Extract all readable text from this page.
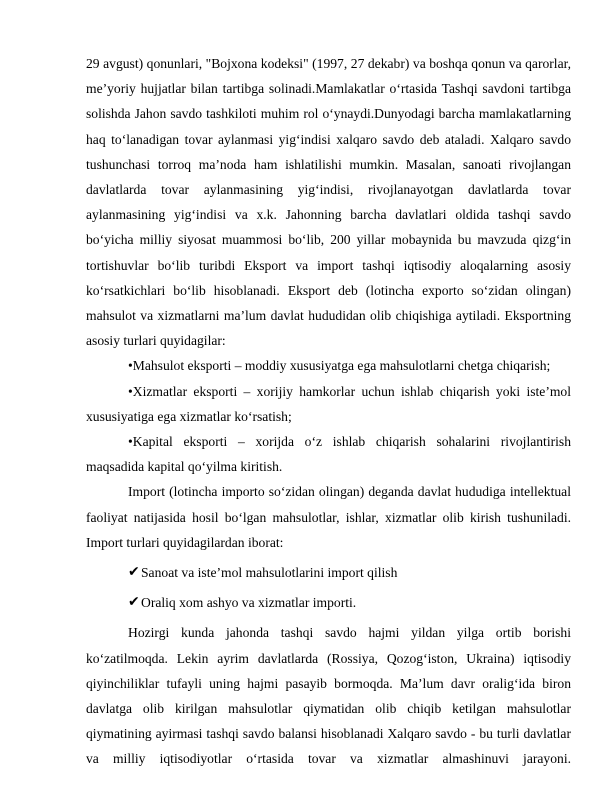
29 avgust) qonunlari, "Bojxona kodeksi" (1997, 27 dekabr) va boshqa qonun va qarorlar, me’yoriy hujjatlar bilan tartibga solinadi.Mamlakatlar o‘rtasida Tashqi savdoni tartibga solishda Jahon savdo tashkiloti muhim rol o‘ynaydi.Dunyodagi barcha mamlakatlarning haq to‘lanadigan tovar aylanmasi yig‘indisi xalqaro savdo deb ataladi. Xalqaro savdo tushunchasi torroq ma’noda ham ishlatilishi mumkin. Masalan, sanoati rivojlangan davlatlarda tovar aylanmasining yig‘indisi, rivojlanayotgan davlatlarda tovar aylanmasining yig‘indisi va x.k. Jahonning barcha davlatlari oldida tashqi savdo bo‘yicha milliy siyosat muammosi bo‘lib, 200 yillar mobaynida bu mavzuda qizg‘in tortishuvlar bo‘lib turibdi Eksport va import tashqi iqtisodiy aloqalarning asosiy ko‘rsatkichlari bo‘lib hisoblanadi. Eksport deb (lotincha exporto so‘zidan olingan) mahsulot va xizmatlarni ma’lum davlat hududidan olib chiqishiga aytiladi. Eksportning asosiy turlari quyidagilar:

•Mahsulot eksporti – moddiy xususiyatga ega mahsulotlarni chetga chiqarish;

•Xizmatlar eksporti – xorijiy hamkorlar uchun ishlab chiqarish yoki iste’mol xususiyatiga ega xizmatlar ko‘rsatish;

•Kapital eksporti – xorijda o‘z ishlab chiqarish sohalarini rivojlantirish maqsadida kapital qo‘yilma kiritish.

Import (lotincha importo so‘zidan olingan) deganda davlat hududiga intellektual faoliyat natijasida hosil bo‘lgan mahsulotlar, ishlar, xizmatlar olib kirish tushuniladi. Import turlari quyidagilardan iborat:

✔ Sanoat va iste’mol mahsulotlarini import qilish

✔ Oraliq xom ashyo va xizmatlar importi.

Hozirgi kunda jahonda tashqi savdo hajmi yildan yilga ortib borishi ko‘zatilmoqda. Lekin ayrim davlatlarda (Rossiya, Qozog‘iston, Ukraina) iqtisodiy qiyinchiliklar tufayli uning hajmi pasayib bormoqda. Ma’lum davr oralig‘ida biron davlatga olib kirilgan mahsulotlar qiymatidan olib chiqib ketilgan mahsulotlar qiymatining ayirmasi tashqi savdo balansi hisoblanadi Xalqaro savdo - bu turli davlatlar va milliy iqtisodiyotlar o‘rtasida tovar va xizmatlar almashinuvi jarayoni.
